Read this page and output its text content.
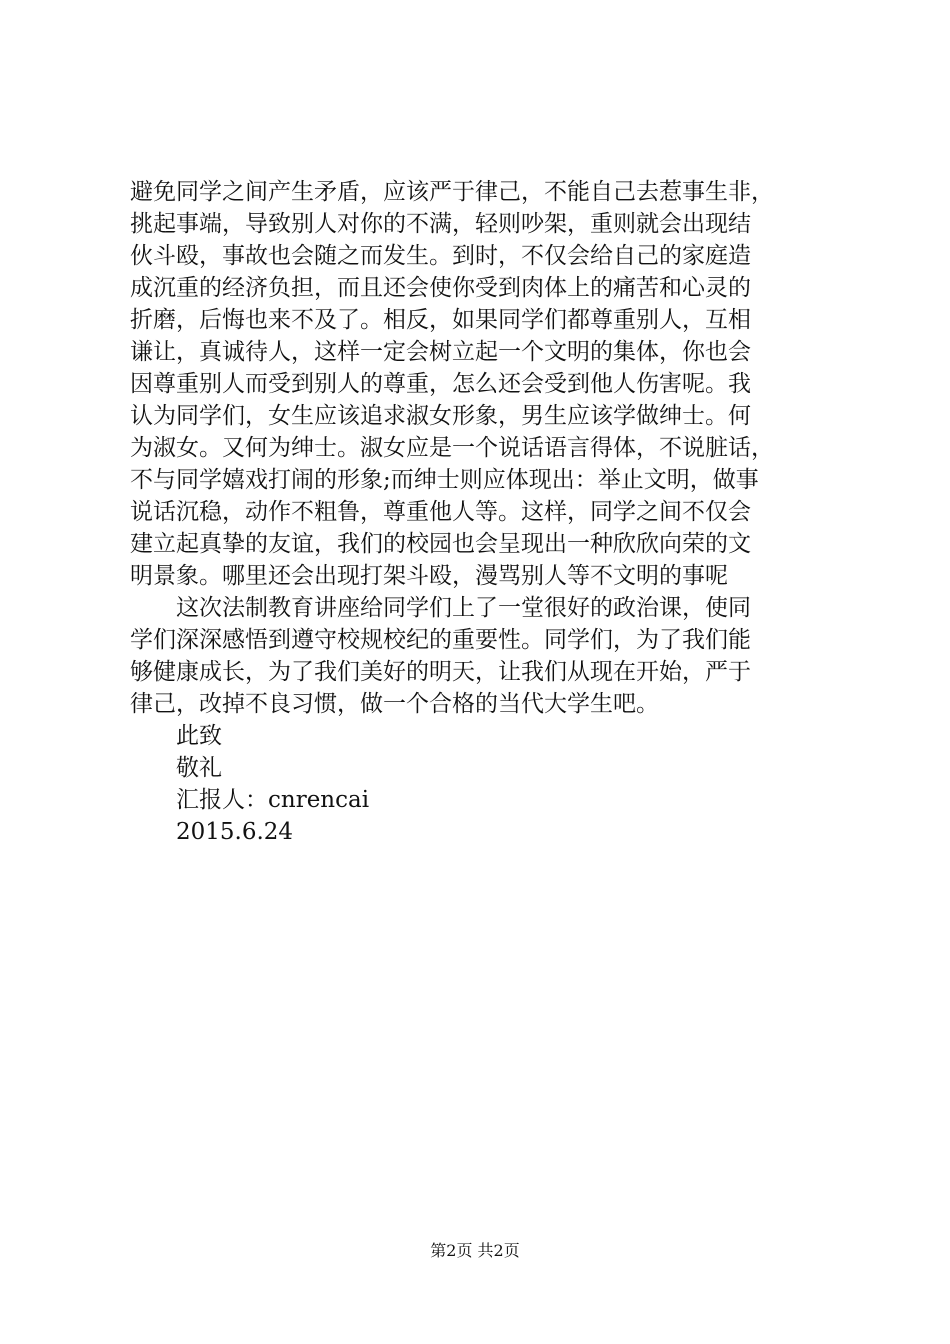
避免同学之间产生矛盾，应该严于律己，不能自己去惹事生非，
挑起事端，导致别人对你的不满，轻则吵架，重则就会出现结
伙斗殴，事故也会随之而发生。到时，不仅会给自己的家庭造
成沉重的经济负担，而且还会使你受到肉体上的痛苦和心灵的
折磨，后悔也来不及了。相反，如果同学们都尊重别人，互相
谦让，真诚待人，这样一定会树立起一个文明的集体，你也会
因尊重别人而受到别人的尊重，怎么还会受到他人伤害呢。我
认为同学们，女生应该追求淑女形象，男生应该学做绅士。何
为淑女。又何为绅士。淑女应是一个说话语言得体，不说脏话，
不与同学嬉戏打闹的形象;而绅士则应体现出：举止文明，做事
说话沉稳，动作不粗鲁，尊重他人等。这样，同学之间不仅会
建立起真挚的友谊，我们的校园也会呈现出一种欣欣向荣的文
明景象。哪里还会出现打架斗殴，漫骂别人等不文明的事呢
这次法制教育讲座给同学们上了一堂很好的政治课，使同
学们深深感悟到遵守校规校纪的重要性。同学们，为了我们能
够健康成长，为了我们美好的明天，让我们从现在开始，严于
律己，改掉不良习惯，做一个合格的当代大学生吧。
此致
敬礼
汇报人：cnrencai
2015.6.24
第2页 共2页
